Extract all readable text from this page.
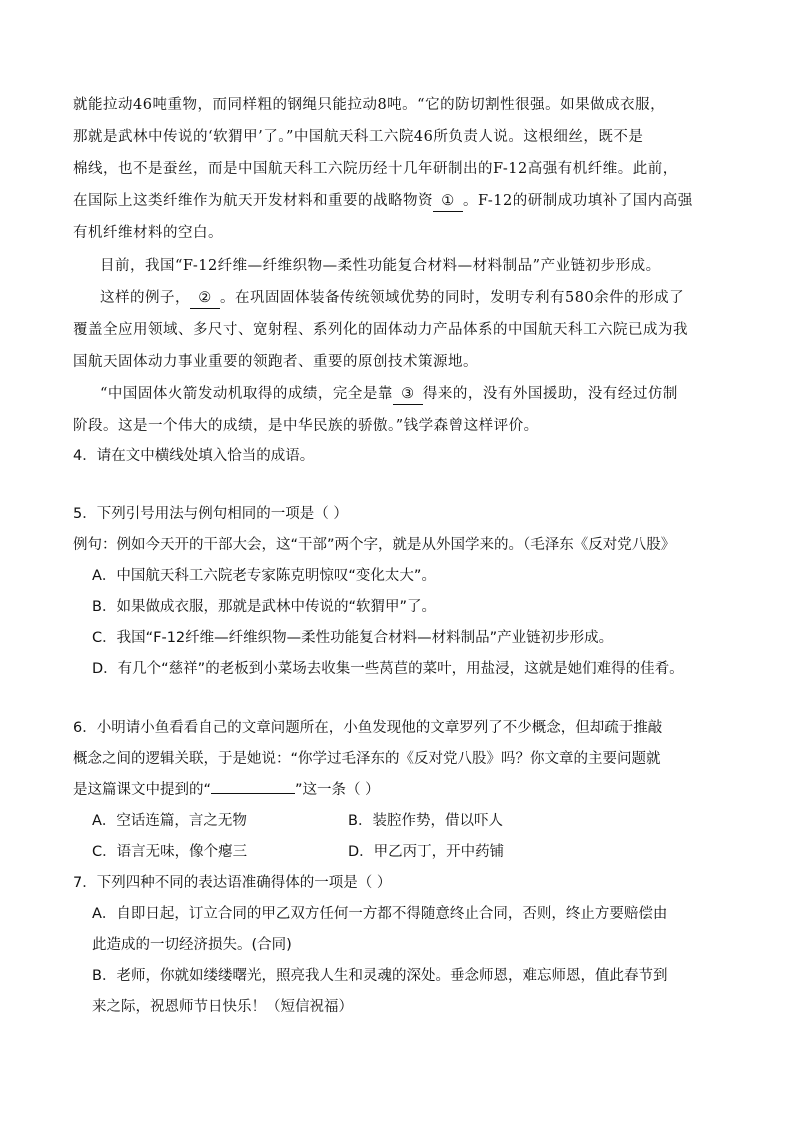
就能拉动46吨重物，而同样粗的钢绳只能拉动8吨。“它的防切割性很强。如果做成衣服，
那就是武林中传说的‘软猬甲’了。”中国航天科工六院46所负责人说。这根细丝，既不是
棉线，也不是蚕丝，而是中国航天科工六院历经十几年研制出的F-12高强有机纤维。此前，
在国际上这类纤维作为航天开发材料和重要的战略物资 ① 。F-12的研制成功填补了国内高强
有机纤维材料的空白。
目前，我国“F-12纤维—纤维织物—柔性功能复合材料—材料制品”产业链初步形成。
这样的例子， ② 。在巩固固体装备传统领域优势的同时，发明专利有580余件的形成了
覆盖全应用领域、多尺寸、宽射程、系列化的固体动力产品体系的中国航天科工六院已成为我
国航天固体动力事业重要的领跑者、重要的原创技术策源地。
“中国固体火箭发动机取得的成绩，完全是靠 ③ 得来的，没有外国援助，没有经过仿制
阶段。这是一个伟大的成绩，是中华民族的骄傲。”钱学森曾这样评价。
4．请在文中横线处填入恰当的成语。
5．下列引号用法与例句相同的一项是（ ）
例句：例如今天开的干部大会，这“干部”两个字，就是从外国学来的。（毛泽东《反对党八股》
A．中国航天科工六院老专家陈克明惊叹“变化太大”。
B．如果做成衣服，那就是武林中传说的“软猬甲”了。
C．我国“F-12纤维—纤维织物—柔性功能复合材料—材料制品”产业链初步形成。
D．有几个“慈祥”的老板到小菜场去收集一些莴苣的菜叶，用盐浸，这就是她们难得的佳肴。
6．小明请小鱼看看自己的文章问题所在，小鱼发现他的文章罗列了不少概念，但却疏于推敲
概念之间的逻辑关联，于是她说：“你学过毛泽东的《反对党八股》吗？你文章的主要问题就
是这篇课文中提到的“	”这一条（ ）
A．空话连篇，言之无物	B．装腔作势，借以吓人
C．语言无味，像个瘪三	D．甲乙丙丁，开中药铺
7．下列四种不同的表达语准确得体的一项是（ ）
A．自即日起，订立合同的甲乙双方任何一方都不得随意终止合同，否则，终止方要赔偿由
此造成的一切经济损失。(合同)
B．老师，你就如缕缕曙光，照亮我人生和灵魂的深处。垂念师恩，难忘师恩，值此春节到
来之际，祝恩师节日快乐！（短信祝福）
